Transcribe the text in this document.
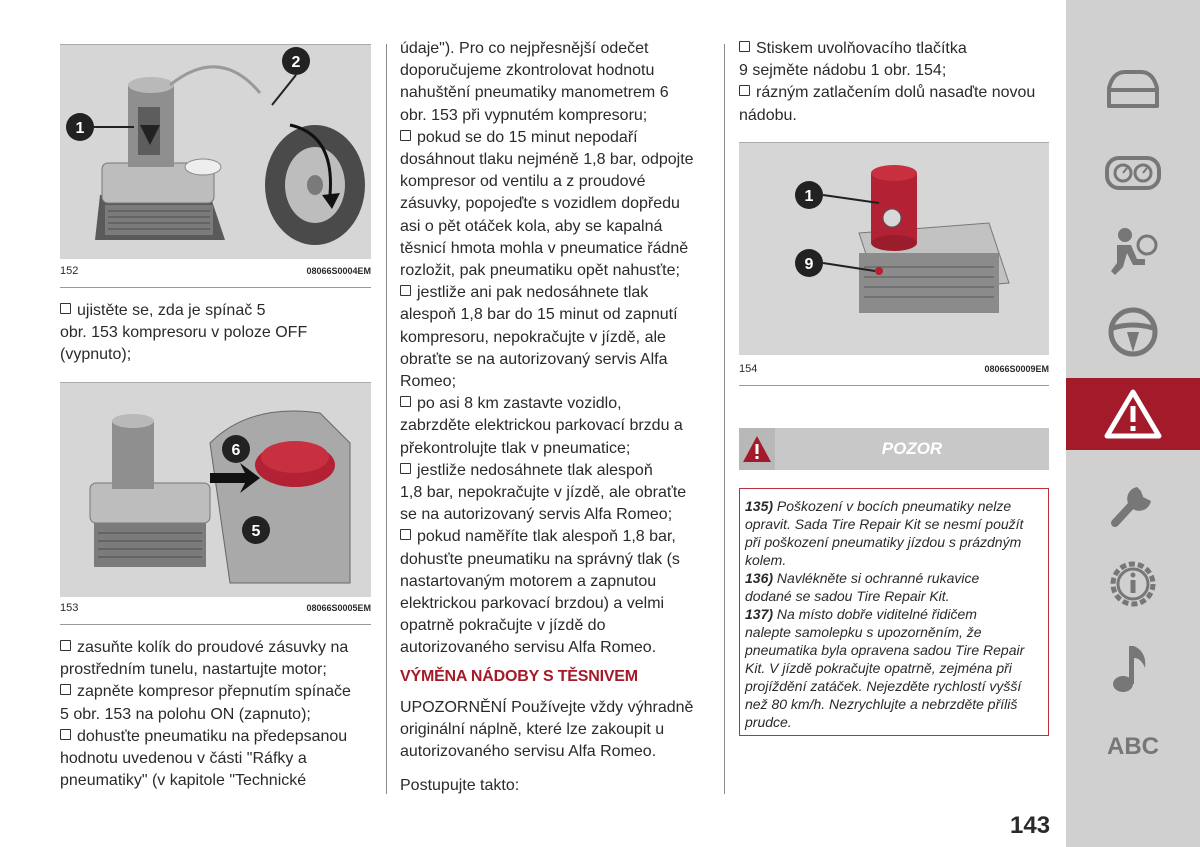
1
2
152	08066S0004EM

ujistěte se, zda je spínač 5
obr. 153 kompresoru v poloze OFF
(vypnuto);

6
5
153	08066S0005EM

zasuňte kolík do proudové zásuvky na
prostředním tunelu, nastartujte motor;

zapněte kompresor přepnutím spínače
5 obr. 153 na polohu ON (zapnuto);

dohusťte pneumatiku na předepsanou
hodnotu uvedenou v části "Ráfky a
pneumatiky" (v kapitole "Technické

údaje"). Pro co nejpřesnější odečet
doporučujeme zkontrolovat hodnotu
nahuštění pneumatiky manometrem 6
obr. 153 při vypnutém kompresoru;

pokud se do 15 minut nepodaří
dosáhnout tlaku nejméně 1,8 bar, odpojte
kompresor od ventilu a z proudové
zásuvky, popojeďte s vozidlem dopředu
asi o pět otáček kola, aby se kapalná
těsnicí hmota mohla v pneumatice řádně
rozložit, pak pneumatiku opět nahusťte;

jestliže ani pak nedosáhnete tlak
alespoň 1,8 bar do 15 minut od zapnutí
kompresoru, nepokračujte v jízdě, ale
obraťte se na autorizovaný servis Alfa
Romeo;

po asi 8 km zastavte vozidlo,
zabrzděte elektrickou parkovací brzdu a
překontrolujte tlak v pneumatice;

jestliže nedosáhnete tlak alespoň
1,8 bar, nepokračujte v jízdě, ale obraťte
se na autorizovaný servis Alfa Romeo;

pokud naměříte tlak alespoň 1,8 bar,
dohusťte pneumatiku na správný tlak (s
nastartovaným motorem a zapnutou
elektrickou parkovací brzdou) a velmi
opatrně pokračujte v jízdě do
autorizovaného servisu Alfa Romeo.

VÝMĚNA NÁDOBY S TĚSNIVEM

UPOZORNĚNÍ Používejte vždy výhradně
originální náplně, které lze zakoupit u
autorizovaného servisu Alfa Romeo.

Postupujte takto:

Stiskem uvolňovacího tlačítka
9 sejměte nádobu 1 obr. 154;

rázným zatlačením dolů nasaďte novou
nádobu.

1
9
154	08066S0009EM
POZOR

135) Poškození v bocích pneumatiky nelze
opravit. Sada Tire Repair Kit se nesmí použít
při poškození pneumatiky jízdou s prázdným
kolem.

136) Navlékněte si ochranné rukavice
dodané se sadou Tire Repair Kit.

137) Na místo dobře viditelné řidičem
nalepte samolepku s upozorněním, že
pneumatika byla opravena sadou Tire Repair
Kit. V jízdě pokračujte opatrně, zejména při
projíždění zatáček. Nejezděte rychlostí vyšší
než 80 km/h. Nezrychlujte a nebrzděte příliš
prudce.

143
ABC
